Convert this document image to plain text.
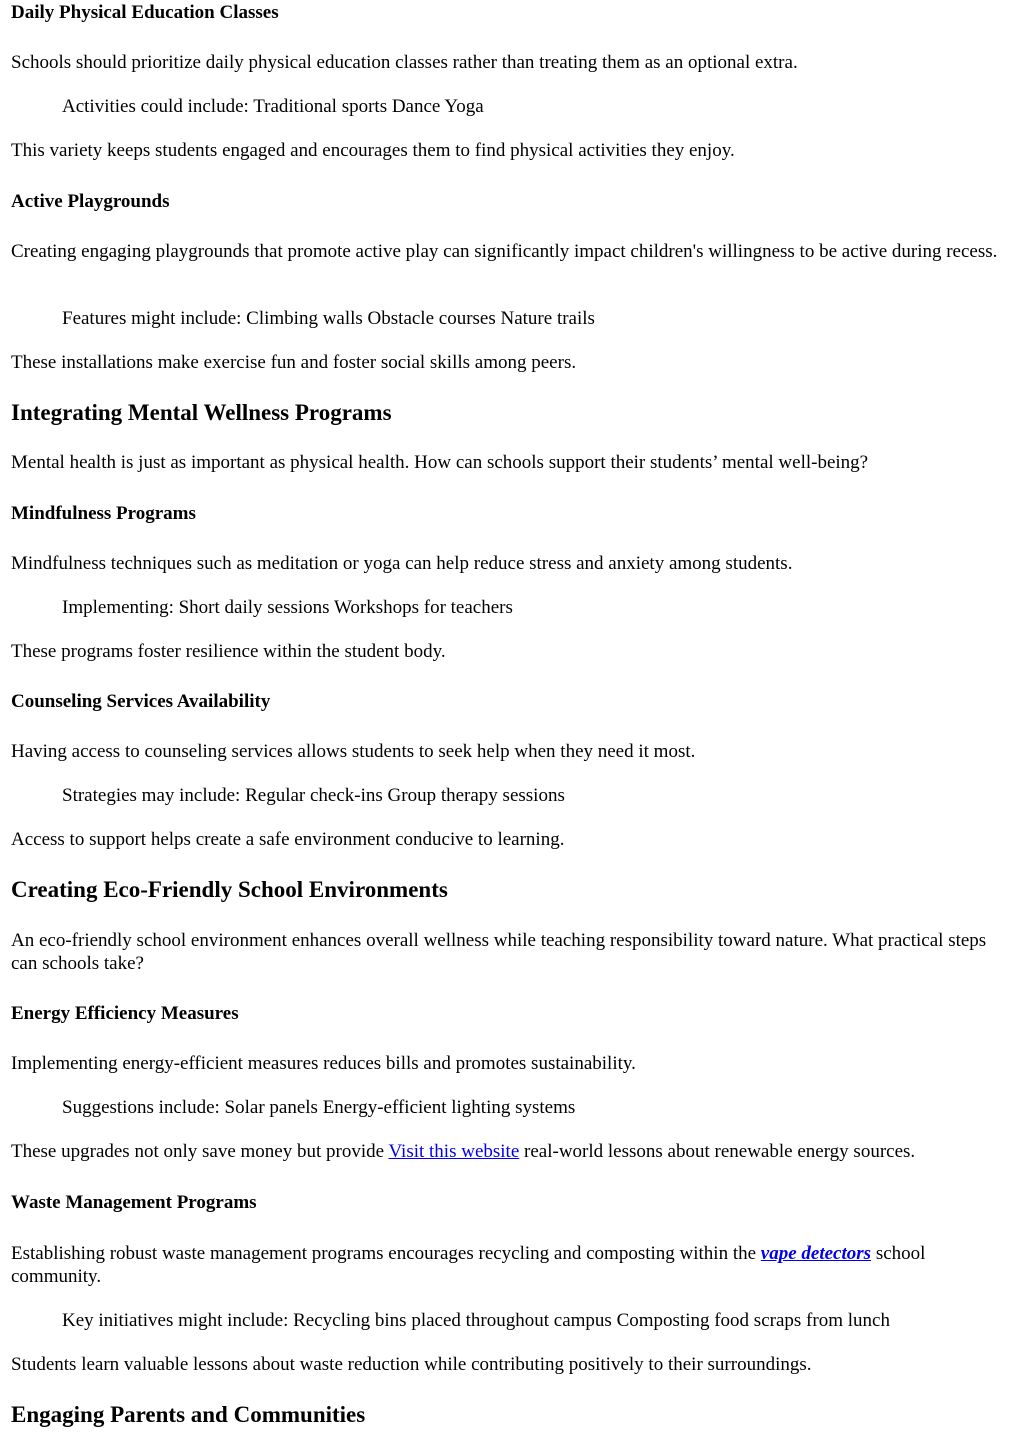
Daily Physical Education Classes

Schools should prioritize daily physical education classes rather than treating them as an optional extra.

Activities could include: Traditional sports Dance Yoga

This variety keeps students engaged and encourages them to find physical activities they enjoy.

Active Playgrounds

Creating engaging playgrounds that promote active play can significantly impact children's willingness to be active during recess.

Features might include: Climbing walls Obstacle courses Nature trails

These installations make exercise fun and foster social skills among peers.

Integrating Mental Wellness Programs

Mental health is just as important as physical health. How can schools support their students’ mental well-being?

Mindfulness Programs

Mindfulness techniques such as meditation or yoga can help reduce stress and anxiety among students.

Implementing: Short daily sessions Workshops for teachers

These programs foster resilience within the student body.

Counseling Services Availability

Having access to counseling services allows students to seek help when they need it most.

Strategies may include: Regular check-ins Group therapy sessions

Access to support helps create a safe environment conducive to learning.

Creating Eco-Friendly School Environments

An eco-friendly school environment enhances overall wellness while teaching responsibility toward nature. What practical steps can schools take?

Energy Efficiency Measures

Implementing energy-efficient measures reduces bills and promotes sustainability.

Suggestions include: Solar panels Energy-efficient lighting systems

These upgrades not only save money but provide Visit this website real-world lessons about renewable energy sources.

Waste Management Programs

Establishing robust waste management programs encourages recycling and composting within the vape detectors school community.

Key initiatives might include: Recycling bins placed throughout campus Composting food scraps from lunch

Students learn valuable lessons about waste reduction while contributing positively to their surroundings.

Engaging Parents and Communities
